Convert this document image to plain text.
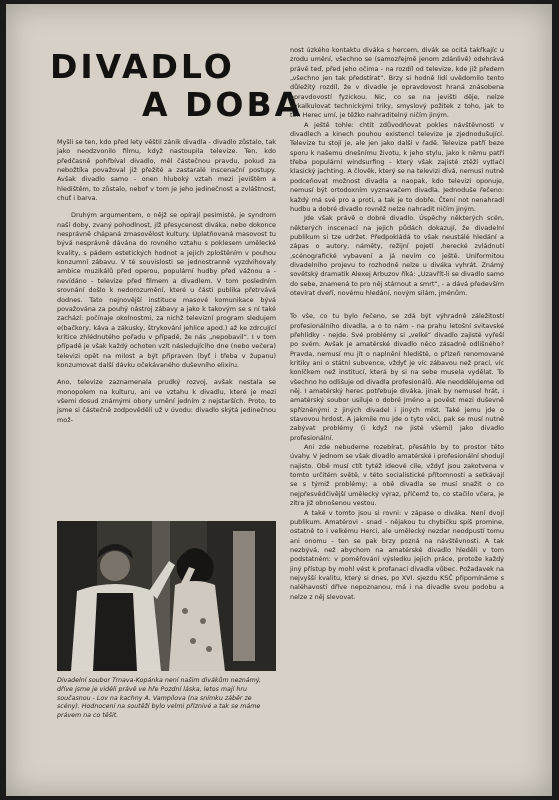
DIVADLO
A DOBA

Myšli se ten, kdo před lety věštil zánik divadla - divadlo zůstalo, tak jako neodzvonilo filmu, když nastoupila televize. Ten, kdo předčasně pohřbíval divadlo, měl částečnou pravdu, pokud za nebožtíka považoval již přežité a zastaralé inscenační postupy. Avšak divadlo samo - onen hluboký vztah mezi jevištěm a hledištěm, to zůstalo, nebof v tom je jeho jedinečnost a zvláštnost, chuť i barva.

Druhým argumentem, o nějž se opírají pesimisté, je syndrom naší doby, zvaný pohodlnost, jíž přesycenost diváka, nebo dokonce nesprávně chápaná zmasovělost kultury. Uplatňovaná masovost tu bývá nesprávně dávána do rovného vztahu s poklesem umělecké kvality, s pádem estetických hodnot a jejich zploštěním v pouhou konzumní zábavu. V té souvislosti se jednostranně vyzdvihovaly ambice muzikálů před operou, populární hudby před vážnou a - nevídáno - televize před filmem a divadlem. V tom posledním srovnání došlo k nedorozumění, které u části publika přetrvává dodnes. Tato nejnovější instituce masové komunikace bývá považována za pouhý nástroj zábavy a jako k takovým se s ní také zachází: počínaje okolnostmi, za nichž televizní program sledujem e(bačkory, káva a zákusky, štrykování jehlice apod.) až ke zdrcující kritice zhlédnutého pořadu v případě, že nás „nepobavil“. I v tom případě je však každý ochoten vzít následujícího dne (nebo večera) televizi opět na milost a být připraven (byť i třeba v županu) konzumovat další dávku očekávaného duševního elixíru.

Ano, televize zaznamenala prudký rozvoj, avšak nestala se monopolem na kulturu, ani ve vztahu k divadlu, které je mezi všemi dosud známými obory umění jedním z nejstarších. Proto, to jsme si částečně zodpověděli už v úvodu: divadlo skýtá jedinečnou mož-

Divadelní soubor Trnava-Kopánka není našim divákům neznámý, dříve jsme je viděli právě ve hře Pozdní láska, letos mají hru současnou - Lov na kachny A. Vampilova (na snímku záběr ze scény). Hodnocení na soutěži bylo velmi příznivé a tak se máme právem na co těšit.

nost úzkého kontaktu diváka s hercem, divák se ocitá takřkajíc u zrodu umění, všechno se (samozřejmě jenom zdánlivě) odehrává právě teď, před jeho očima - na rozdíl od televize, kde již předem „všechno jen tak předstírat“. Brzy si hodně lidí uvědomilo tento důležitý rozdíl, že v divadle je opravdovost hraná znásobena opravdovostí fyzickou. Nic, co se na jevišti děje, nelze vykalkulovat technickými triky, smyslový požitek z toho, jak to ten Herec umí, je těžko nahraditelný ničím jiným.

A ještě tohle: chtít zdůvodňovat pokles návštěvnosti v divadlech a kinech pouhou existencí televize je zjednodušující. Televize tu stojí je, ale jen jako další v řadě. Televize patří beze sporu k našemu dnešnímu životu, k jeho stylu, jako k němu patří třeba populární windsurfing - který však zajisté ztěží vytlačí klasický jachting. A člověk, který se na televizi dívá, nemusí nutně podceňovat možnost divadla a naopak, kdo televizi oponuje, nemusí být ortodoxním vyznavačem divadla. Jednoduše řečeno: každý má své pro a proti, a tak je to dobře. Čtení not nenahradí hudbu a dobré divadlo rovněž nelze nahradit ničím jiným.

Jde však právě o dobré divadlo. Úspěchy některých scén, některých inscenací na jejich půdách dokazují, že divadelní publikum si tze udržet. Předpokládá to však neustálé hledání a zápas o autory, náměty, režijní pojetí ,herecké zvládnutí ,scénografické vybavení a já nevím co ještě. Uniformitou divadelního projevu to rozhodně nelze u diváka vyhrát. Známý sovětský dramatik Alexej Arbuzov říká: „Uzavřít-li se divadlo samo do sebe, znamená to pro něj stárnout a smrt“, - a dává především otevírat dveří, novému hledání, novým silám, jménům.

To vše, co tu bylo řečeno, se zdá být výhradně záležitostí profesionálního divadla, a o to nám - na prahu letošní svitavské přehlídky - nejde. Své problémy si „velké“ divadlo zajisté vyřeší po svém. Avšak je amatérské divadlo něco zásadně odlišného? Pravda, nemusí mu jít o naplnění hlediště, o přízeň renomované kritiky ani o státní subvence, vždyť je víc zábavou než prací, víc koníčkem než institucí, která by si na sebe musela vydělat. To všechno ho odlišuje od divadla profesionálů. Ale neoddělujeme od něj. I amatérský herec potřebuje diváka, jinak by nemusel hrát, i amatérský soubor usiluje o dobré jméno a pověst mezi duševně spřízněnými z jiných divadel i jiných míst. Také jemu jde o stavovou hrdost. A jakmile mu jde o tyto věci, pak se musí nutně zabývat problémy (i když ne jisté všemi) jako divadlo profesionální.

Ani zde nebudeme rozebírat, přesáhlo by to prostor této úvahy. V jednom se však divadlo amatérské i profesionální shodují najisto. Obě musí ctít tytéž ideové cíle, vždyť jsou zakotvena v tomto určitém světě, v této socialistické přítomnosti a setkávají se s týmiž problémy; a obě divadla se musí snažit o co nejpřesvědčivější umělecký výraz, přičemž to, co stačilo včera, je zítra již obnošenou vestou.

A také v tomto jsou si rovni: v zápase o diváka. Není dvojí publikum. Amatérovi - snad - nějakou tu chybičku spíš promine, ostatně to i velkému Herci, ale umělecký nezdar neodpustí tomu ani onomu - ten se pak brzy pozná na návštěvnosti. A tak nezbývá, než abychom na amatérské divadlo hleděli v tom podstatném: v poměřování výsledku jejich práce, protože každý jiný přístup by mohl vést k profanaci divadla vůbec. Požadavek na nejvyšší kvalitu, který si dnes, po XVI. sjezdu KSČ připomínáme s naléhavostí dříve nepoznanou, má i na divadle svou podobu a nelze z něj slevovat.
